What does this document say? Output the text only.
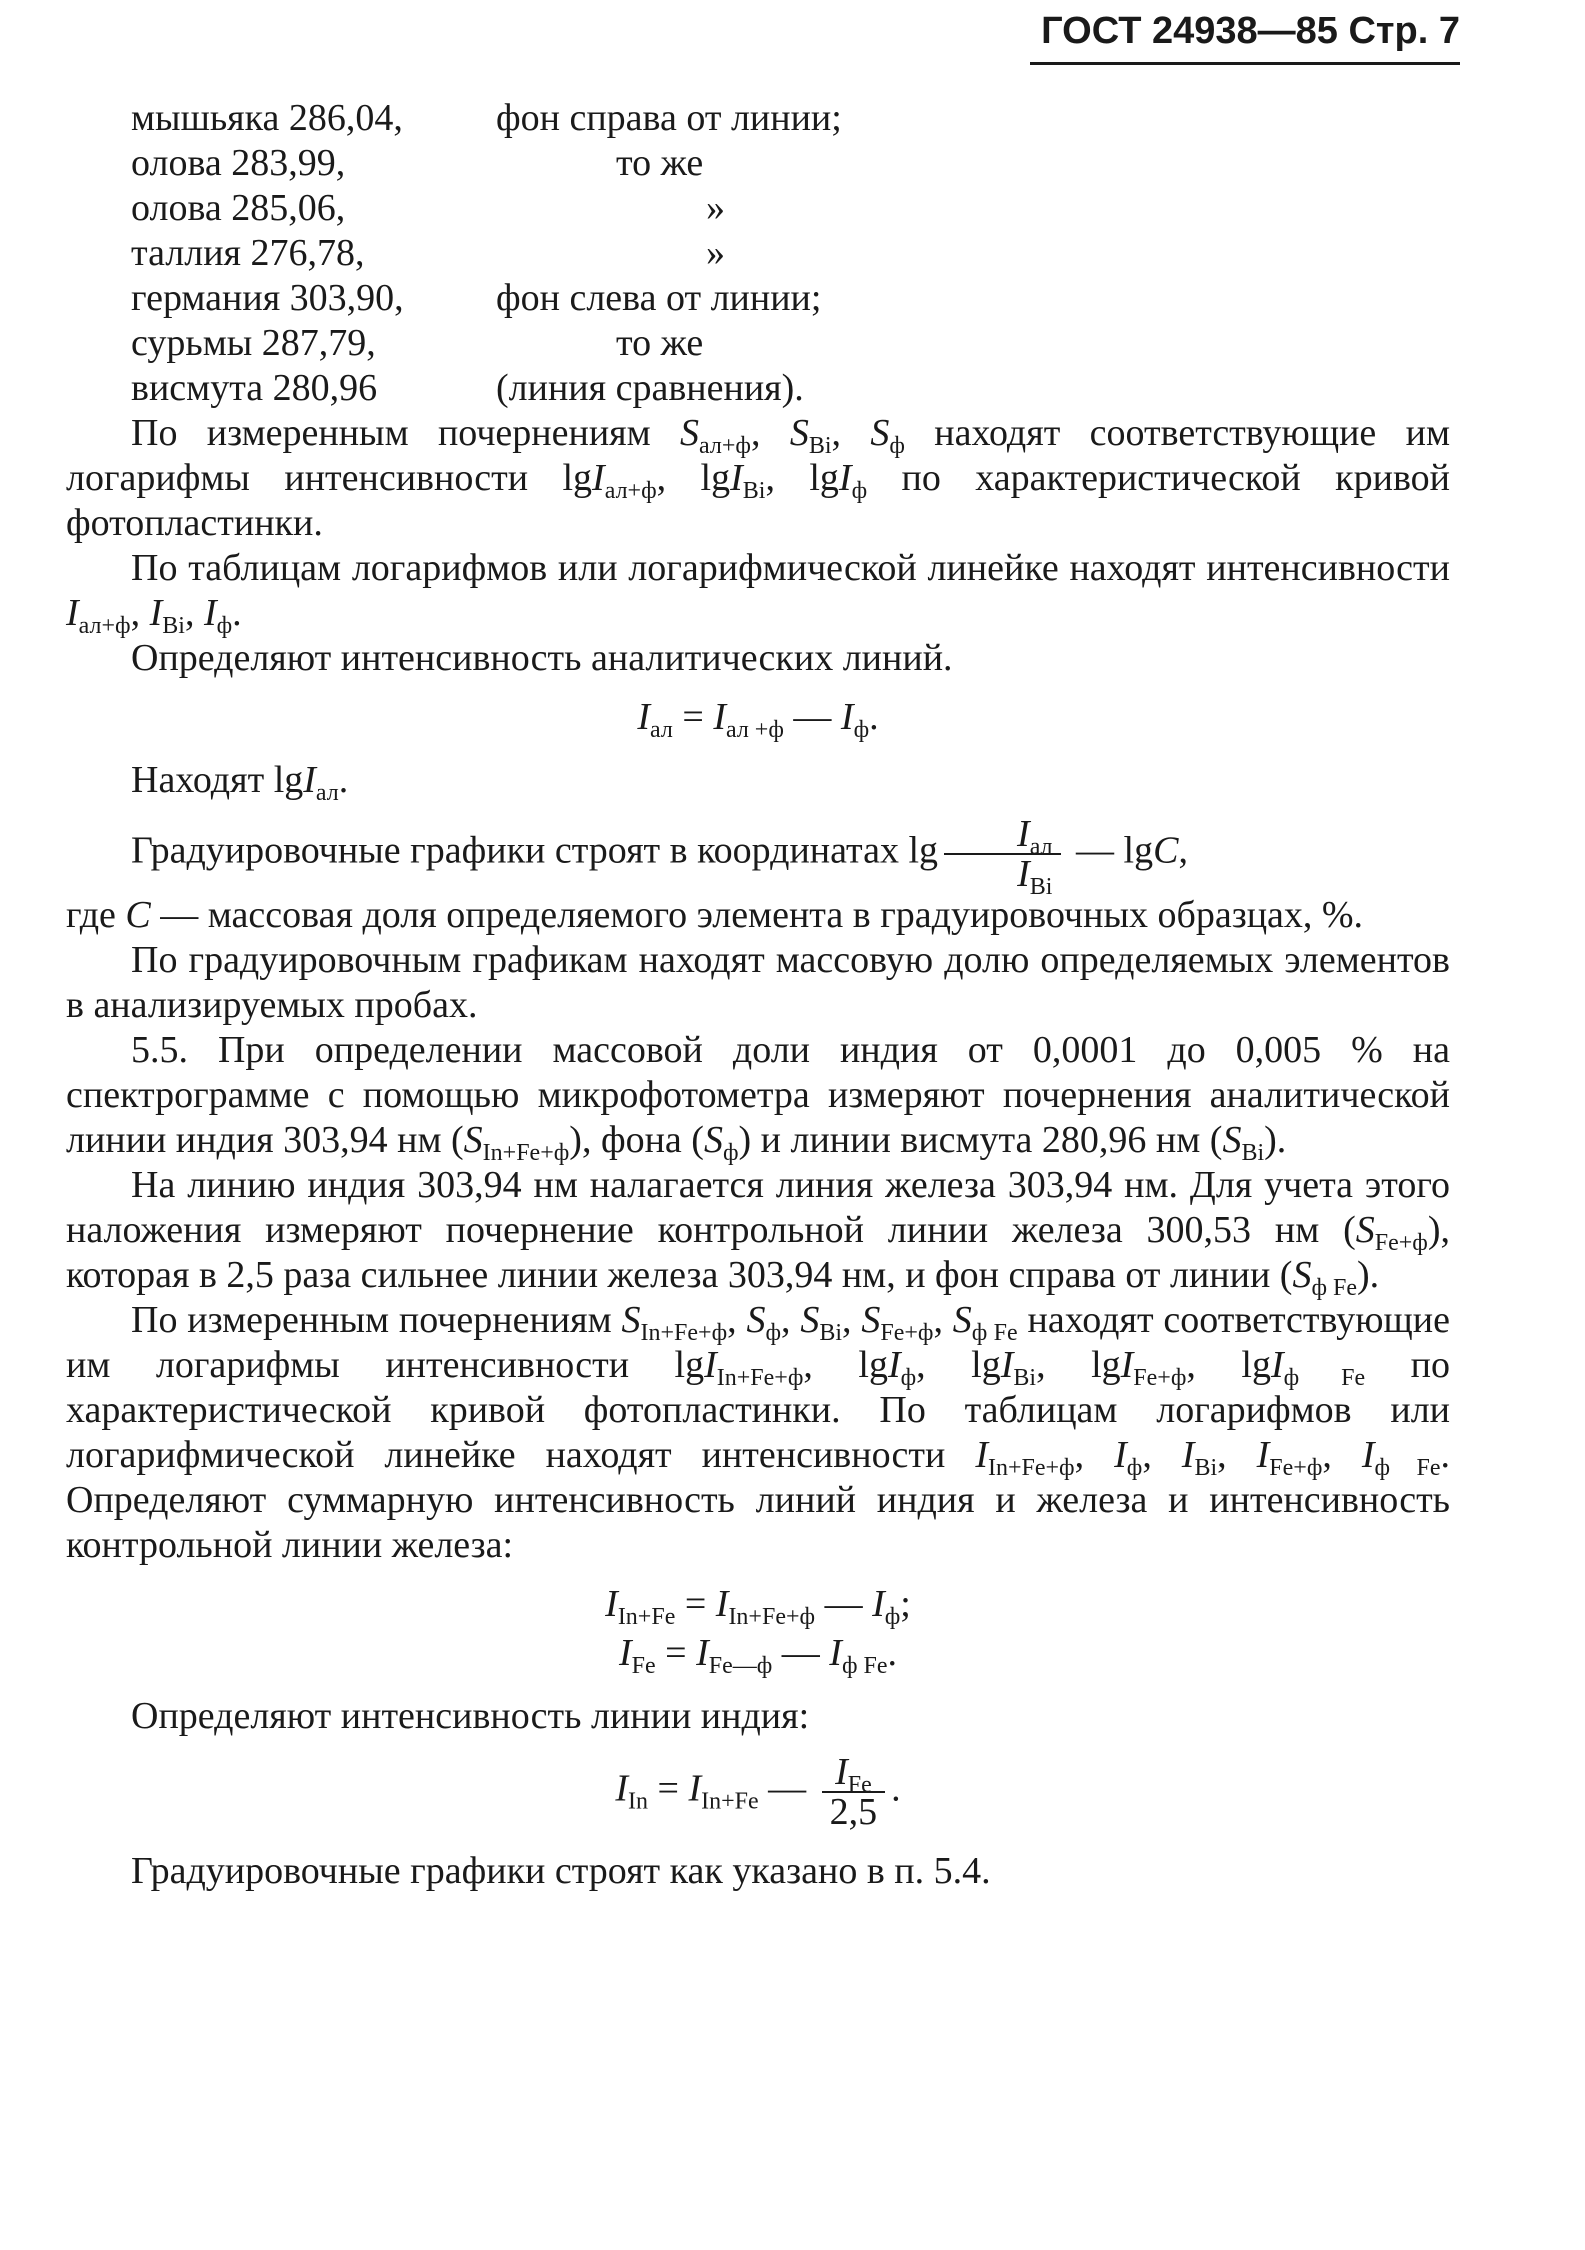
ГОСТ 24938—85 Стр. 7
мышьяка 286,04,	фон справа от линии;
олова 283,99,	то же
олова 285,06,	»
таллия 276,78,	»
германия 303,90,	фон слева от линии;
сурьмы 287,79,	то же
висмута 280,96	(линия сравнения).

По измеренным почернениям $S_{ал+ф}$, $S_{Bi}$, $S_ф$ находят соответствующие им логарифмы интенсивности lgI$_{ал+ф}$, lgI$_{Bi}$, lgI$_ф$ по характеристической кривой фотопластинки.

По таблицам логарифмов или логарифмической линейке находят интенсивности $I_{ал+ф}$, $I_{Bi}$, $I_ф$.

Определяют интенсивность аналитических линий.

$I_{ал} = I_{ал +ф}$ — $I_ф$.

Находят lgI$_{ал}$.

Градуировочные графики строят в координатах $\lg \frac{I_{ал}}{I_{Bi}}$ — lgC,

где C — массовая доля определяемого элемента в градуировочных образцах, %.

По градуировочным графикам находят массовую долю определяемых элементов в анализируемых пробах.

5.5. При определении массовой доли индия от 0,0001 до 0,005 % на спектрограмме с помощью микрофотометра измеряют почернения аналитической линии индия 303,94 нм $(S_{In+Fe+ф})$, фона $(S_ф)$ и линии висмута 280,96 нм $(S_{Bi})$.

На линию индия 303,94 нм налагается линия железа 303,94 нм. Для учета этого наложения измеряют почернение контрольной линии железа 300,53 нм $(S_{Fe+ф})$, которая в 2,5 раза сильнее линии железа 303,94 нм, и фон справа от линии $(S_{ф Fe})$.

По измеренным почернениям $S_{In+Fe+ф}$, $S_ф$, $S_{Bi}$, $S_{Fe+ф}$, $S_{ф Fe}$ находят соответствующие им логарифмы интенсивности lgI$_{In+Fe+ф}$, lgI$_ф$, lgI$_{Bi}$, lgI$_{Fe+ф}$, lgI$_{ф Fe}$ по характеристической кривой фотопластинки. По таблицам логарифмов или логарифмической линейке находят интенсивности $I_{In+Fe+ф}$, $I_ф$, $I_{Bi}$, $I_{Fe+ф}$, $I_{ф Fe}$. Определяют суммарную интенсивность линий индия и железа и интенсивность контрольной линии железа:

$I_{In+Fe} = I_{In+Fe+ф}$ — $I_ф$;
$I_{Fe} = I_{Fe—ф}$ — $I_{ф Fe}$.

Определяют интенсивность линии индия:

$I_{In} = I_{In+Fe}$ — $\frac{I_{Fe}}{2,5}$ .

Градуировочные графики строят как указано в п. 5.4.
